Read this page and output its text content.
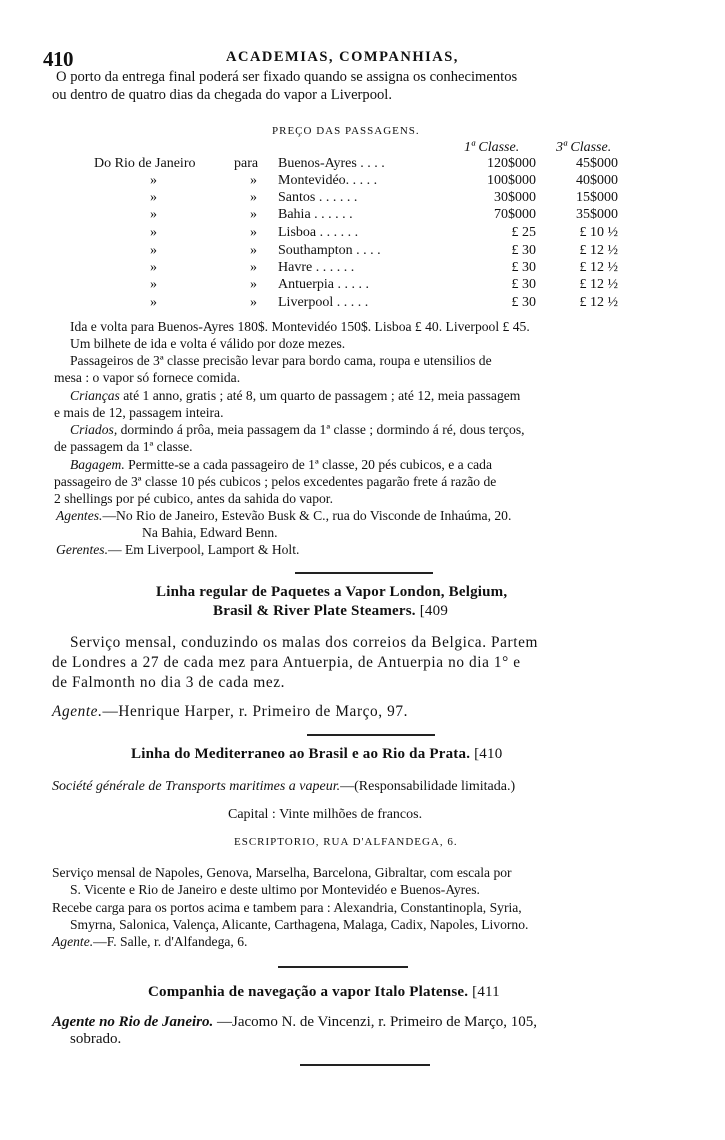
410	ACADEMIAS, COMPANHIAS,
O porto da entrega final poderá ser fixado quando se assigna os conhecimentos
ou dentro de quatro dias da chegada do vapor a Liverpool.
PREÇO DAS PASSAGENS.
1ª Classe.	3ª Classe.
Do Rio de Janeiro	para Buenos-Ayres . . . .	120$000	45$000
»	» Montevidéo. . . . .	100$000	40$000
»	» Santos . . . . . .	30$000	15$000
»	» Bahia . . . . . .	70$000	35$000
»	» Lisboa . . . . . .	£ 25	£ 10 ½
»	» Southampton . . . .	£ 30	£ 12 ½
»	» Havre . . . . . .	£ 30	£ 12 ½
»	» Antuerpia . . . . .	£ 30	£ 12 ½
»	» Liverpool . . . . .	£ 30	£ 12 ½
Ida e volta para Buenos-Ayres 180$. Montevidéo 150$. Lisboa £ 40. Liverpool £ 45.
Um bilhete de ida e volta é válido por doze mezes.
Passageiros de 3ª classe precisão levar para bordo cama, roupa e utensilios de
mesa : o vapor só fornece comida.
Crianças até 1 anno, gratis ; até 8, um quarto de passagem ; até 12, meia passagem
e mais de 12, passagem inteira.
Criados, dormindo á prôa, meia passagem da 1ª classe ; dormindo á ré, dous terços,
de passagem da 1ª classe.
Bagagem. Permitte-se a cada passageiro de 1ª classe, 20 pés cubicos, e a cada
passageiro de 3ª classe 10 pés cubicos ; pelos excedentes pagarão frete á razão de
2 shellings por pé cubico, antes da sahida do vapor.
Agentes.—No Rio de Janeiro, Estevão Busk & C., rua do Visconde de Inhaúma, 20.
Na Bahia, Edward Benn.
Gerentes.— Em Liverpool, Lamport & Holt.
Linha regular de Paquetes a Vapor London, Belgium,
Brasil & River Plate Steamers. [409
Serviço mensal, conduzindo os malas dos correios da Belgica. Partem
de Londres a 27 de cada mez para Antuerpia, de Antuerpia no dia 1° e
de Falmonth no dia 3 de cada mez.
Agente.—Henrique Harper, r. Primeiro de Março, 97.
Linha do Mediterraneo ao Brasil e ao Rio da Prata. [410
Société générale de Transports maritimes a vapeur.—(Responsabilidade limitada.)
Capital : Vinte milhões de francos.
ESCRIPTORIO, RUA D'ALFANDEGA, 6.
Serviço mensal de Napoles, Genova, Marselha, Barcelona, Gibraltar, com escala por
S. Vicente e Rio de Janeiro e deste ultimo por Montevidéo e Buenos-Ayres.
Recebe carga para os portos acima e tambem para : Alexandria, Constantinopla, Syria,
Smyrna, Salonica, Valença, Alicante, Carthagena, Malaga, Cadix, Napoles, Livorno.
Agente.—F. Salle, r. d'Alfandega, 6.
Companhia de navegação a vapor Italo Platense. [411
Agente no Rio de Janeiro. —Jacomo N. de Vincenzi, r. Primeiro de Março, 105,
sobrado.
